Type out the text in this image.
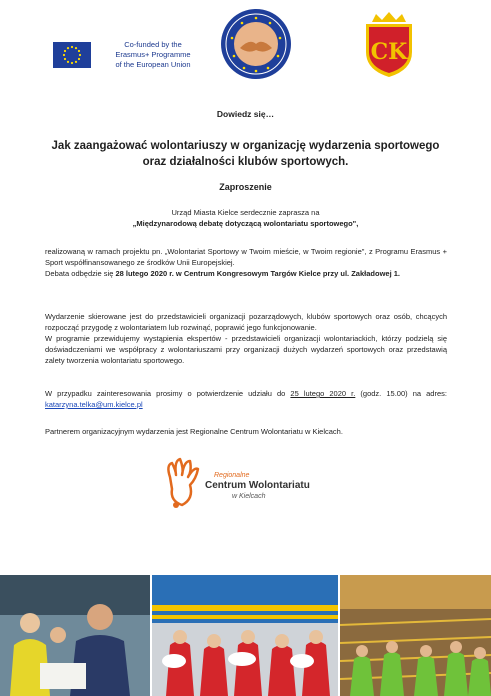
Co-funded by the
Erasmus+ Programme
of the European Union	CK
Dowiedz się…
Jak zaangażować wolontariuszy w organizację wydarzenia sportowego
oraz działalności klubów sportowych.
Zaproszenie
Urząd Miasta Kielce serdecznie zaprasza na
„Międzynarodową debatę dotyczącą wolontariatu sportowego",
realizowaną w ramach projektu pn. „Wolontariat Sportowy w Twoim mieście, w Twoim regionie", z Programu Erasmus + Sport współfinansowanego ze środków Unii Europejskiej.
Debata odbędzie się 28 lutego 2020 r. w Centrum Kongresowym Targów Kielce przy ul. Zakładowej 1.
Wydarzenie skierowane jest do przedstawicieli organizacji pozarządowych, klubów sportowych oraz osób, chcących rozpocząć przygodę z wolontariatem lub rozwinąć, poprawić jego funkcjonowanie.
W programie przewidujemy wystąpienia ekspertów - przedstawicieli organizacji wolontariackich, którzy podzielą się doświadczeniami we współpracy z wolontariuszami przy organizacji dużych wydarzeń sportowych oraz przedstawią zalety tworzenia wolontariatu sportowego.
W przypadku zainteresowania prosimy o potwierdzenie udziału do 25 lutego 2020 r. (godz. 15.00) na adres: katarzyna.telka@um.kielce.pl
Partnerem organizacyjnym wydarzenia jest Regionalne Centrum Wolontariatu w Kielcach.
Regionalne
Centrum Wolontariatu
w Kielcach
